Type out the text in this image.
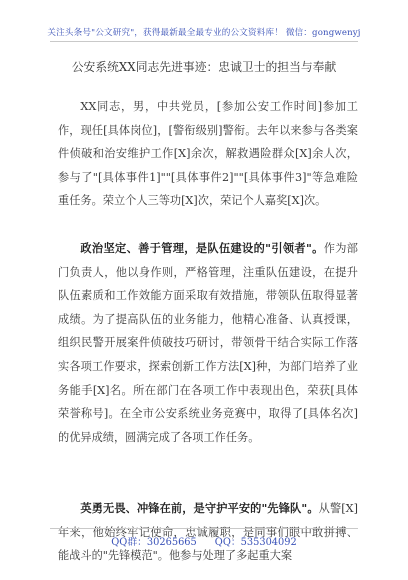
关注头条号"公文研究"，获得最新最全最专业的公文资料库！ 微信：gongwenyj
公安系统XX同志先进事迹：忠诚卫士的担当与奉献

XX同志，男，中共党员，[参加公安工作时间]参加工作，现任[具体岗位]，[警衔级别]警衔。去年以来参与各类案件侦破和治安维护工作[X]余次，解救遇险群众[X]余人次，参与了"[具体事件1]""[具体事件2]""[具体事件3]"等急难险重任务。荣立个人三等功[X]次，荣记个人嘉奖[X]次。

政治坚定、善于管理，是队伍建设的"引领者"。作为部门负责人，他以身作则，严格管理，注重队伍建设，在提升队伍素质和工作效能方面采取有效措施，带领队伍取得显著成绩。为了提高队伍的业务能力，他精心准备、认真授课，组织民警开展案件侦破技巧研讨，带领骨干结合实际工作落实各项工作要求，探索创新工作方法[X]种，为部门培养了业务能手[X]名。所在部门在各项工作中表现出色，荣获[具体荣誉称号]。在全市公安系统业务竞赛中，取得了[具体名次]的优异成绩，圆满完成了各项工作任务。

英勇无畏、冲锋在前，是守护平安的"先锋队"。从警[X]年来，他始终牢记使命，忠诚履职，是同事们眼中敢拼搏、能战斗的"先锋模范"。他参与处理了多起重大案

QQ群：30265665 QQ：535304092
